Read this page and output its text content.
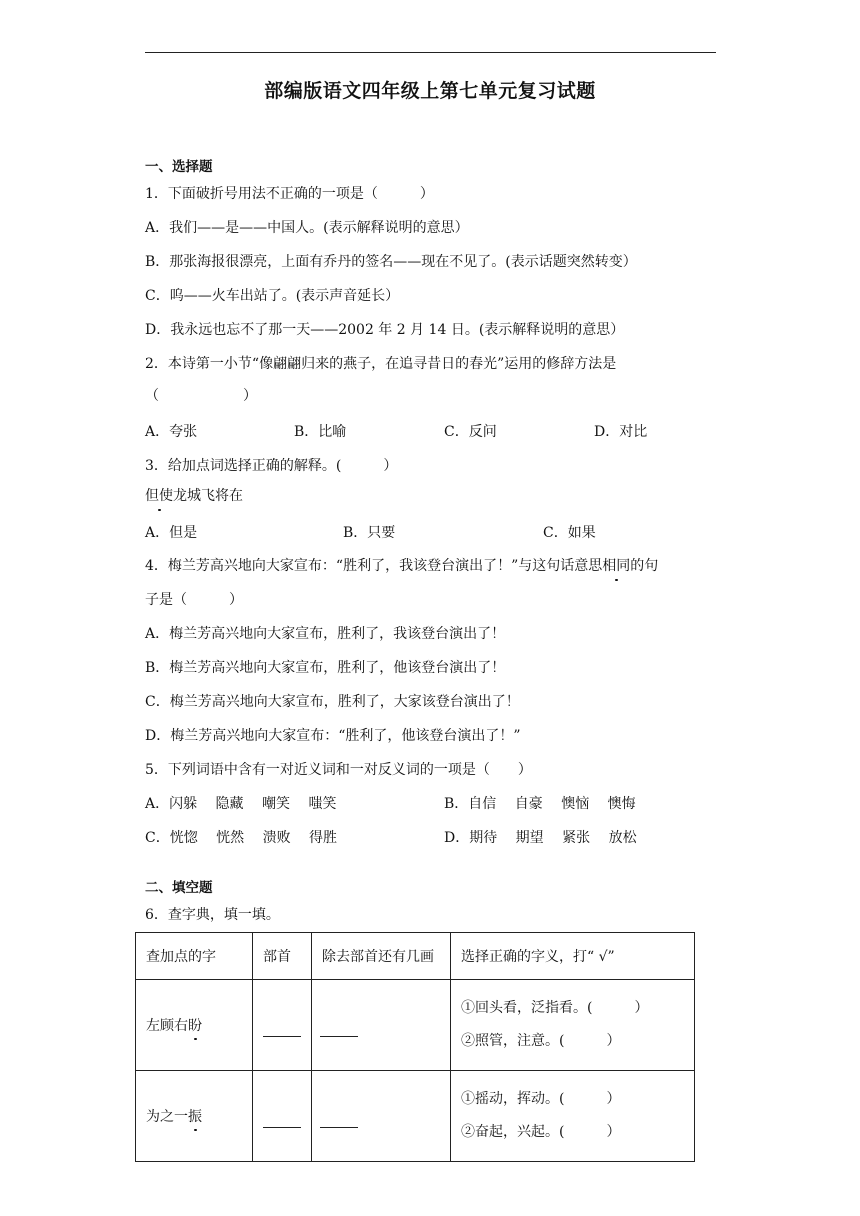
部编版语文四年级上第七单元复习试题
一、选择题
1．下面破折号用法不正确的一项是（　　　）
A．我们——是——中国人。(表示解释说明的意思）
B．那张海报很漂亮，上面有乔丹的签名——现在不见了。(表示话题突然转变）
C．呜——火车出站了。(表示声音延长）
D．我永远也忘不了那一天——2002 年 2 月 14 日。(表示解释说明的意思）
2．本诗第一小节“像翩翩归来的燕子，在追寻昔日的春光”运用的修辞方法是
（　　　　　　）
A．夸张	B．比喻	C．反问	D．对比
3．给加点词选择正确的解释。(　　　）
但使龙城飞将在
A．但是	B．只要	C．如果
4．梅兰芳高兴地向大家宣布：“胜利了，我该登台演出了！”与这句话意思相同的句
子是（　　　）
A．梅兰芳高兴地向大家宣布，胜利了，我该登台演出了！
B．梅兰芳高兴地向大家宣布，胜利了，他该登台演出了！
C．梅兰芳高兴地向大家宣布，胜利了，大家该登台演出了！
D．梅兰芳高兴地向大家宣布：“胜利了，他该登台演出了！”
5．下列词语中含有一对近义词和一对反义词的一项是（　　）
A．闪躲　 隐藏　 嘲笑　 嗤笑	B．自信　 自豪　 懊恼　 懊悔
C．恍惚　 恍然　 溃败　 得胜	D．期待　 期望　 紧张　 放松
二、填空题
6．查字典，填一填。
查加点的字	部首	除去部首还有几画	选择正确的字义，打“ √”
左顾右盼			①回头看，泛指看。(　　　）
②照管，注意。(　　　）

为之一振			①摇动，挥动。(　　　）
②奋起，兴起。(　　　）
